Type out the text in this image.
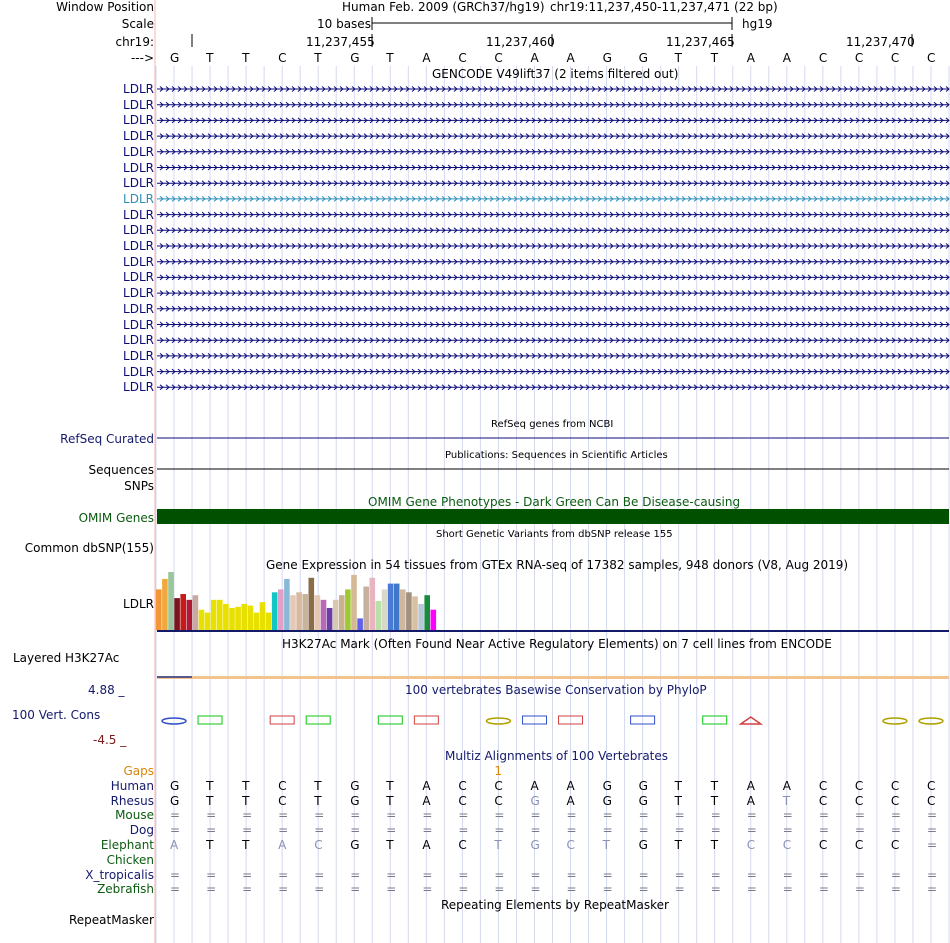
Window Position	Human Feb. 2009 (GRCh37/hg19) chr19:11,237,450-11,237,471 (22 bp)
Scale	10 bases	hg19
chr19:	11,237,455	11,237,460	11,237,465	11,237,470
---> G T T C T G T A C C A A G G T T A A C C C C
GENCODE V49lift37 (2 items filtered out)
LDLR
LDLR
LDLR
LDLR
LDLR
LDLR
LDLR
LDLR
LDLR
LDLR
LDLR
LDLR
LDLR
LDLR
LDLR
LDLR
LDLR
LDLR
LDLR
LDLR
RefSeq genes from NCBI
RefSeq Curated
Publications: Sequences in Scientific Articles
Sequences
SNPs
OMIM Gene Phenotypes - Dark Green Can Be Disease-causing
OMIM Genes
Short Genetic Variants from dbSNP release 155
Common dbSNP(155)
Gene Expression in 54 tissues from GTEx RNA-seq of 17382 samples, 948 donors (V8, Aug 2019)
LDLR
H3K27Ac Mark (Often Found Near Active Regulatory Elements) on 7 cell lines from ENCODE
Layered H3K27Ac
100 vertebrates Basewise Conservation by PhyloP
4.88 _
100 Vert. Cons
-4.5 _
Multiz Alignments of 100 Vertebrates
Gaps	1
Human G T T C T G T A C C A A G G T T A A C C C C
Rhesus G T T C T G T A C C G A G G T T A T C C C C
Mouse = = = = = = = = = = = = = = = = = = = = = =
Dog = = = = = = = = = = = = = = = = = = = = = =
Elephant A T T A C G T A C T G C T G T T C C C C C =
Chicken
X_tropicalis = = = = = = = = = = = = = = = = = = = = = =
Zebrafish = = = = = = = = = = = = = = = = = = = = = =
Repeating Elements by RepeatMasker
RepeatMasker
